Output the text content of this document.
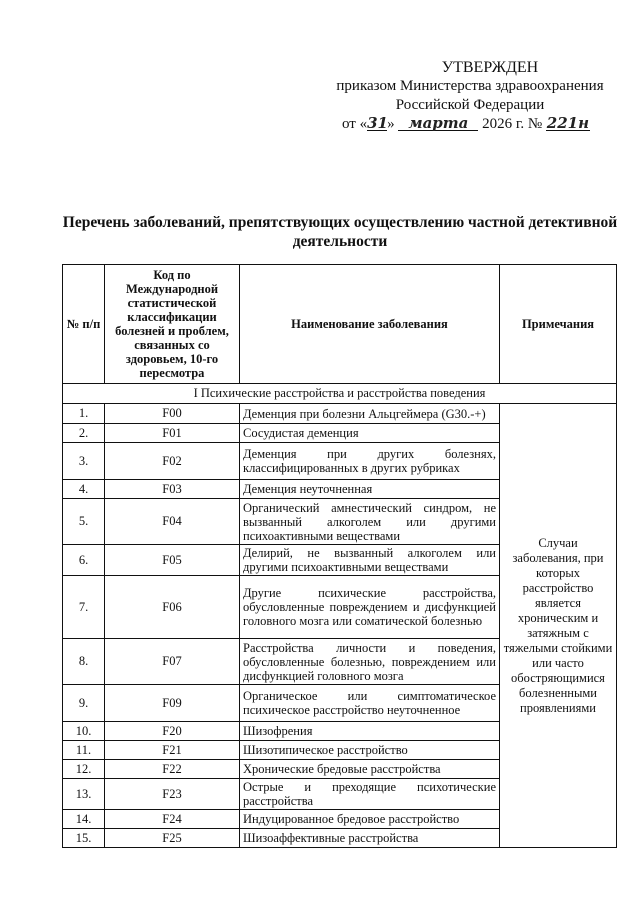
УТВЕРЖДЕН
приказом Министерства здравоохранения
Российской Федерации
от «31» марта 2026 г. № 221н
Перечень заболеваний, препятствующих осуществлению частной детективной деятельности
№ п/п	Код по Международной статистической классификации болезней и проблем, связанных со здоровьем, 10-го пересмотра	Наименование заболевания	Примечания
I Психические расстройства и расстройства поведения			
1.	F00	Деменция при болезни Альцгеймера (G30.-+)	Случаи заболевания, при которых расстройство является хроническим и затяжным с тяжелыми стойкими или часто обостряющимися болезненными проявлениями
2.	F01	Сосудистая деменция	
3.	F02	Деменция при других болезнях, классифицированных в других рубриках	
4.	F03	Деменция неуточненная	
5.	F04	Органический амнестический синдром, не вызванный алкоголем или другими психоактивными веществами	
6.	F05	Делирий, не вызванный алкоголем или другими психоактивными веществами	
7.	F06	Другие психические расстройства, обусловленные повреждением и дисфункцией головного мозга или соматической болезнью	
8.	F07	Расстройства личности и поведения, обусловленные болезнью, повреждением или дисфункцией головного мозга	
9.	F09	Органическое или симптоматическое психическое расстройство неуточненное	
10.	F20	Шизофрения	
11.	F21	Шизотипическое расстройство	
12.	F22	Хронические бредовые расстройства	
13.	F23	Острые и преходящие психотические расстройства	
14.	F24	Индуцированное бредовое расстройство	
15.	F25	Шизоаффективные расстройства	
